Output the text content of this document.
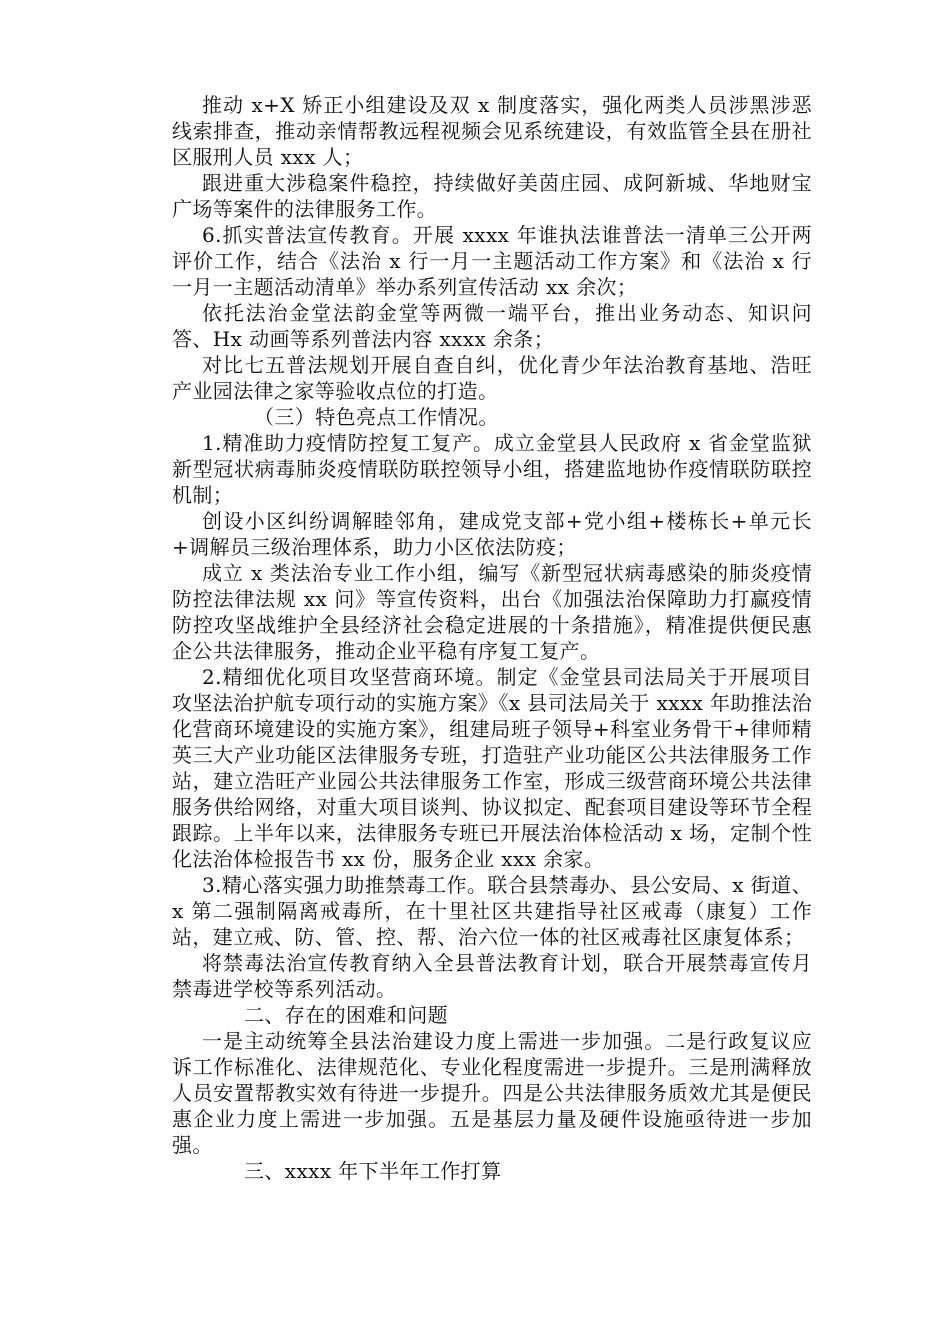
推动 x+X 矫正小组建设及双 x 制度落实，强化两类人员涉黑涉恶线索排查，推动亲情帮教远程视频会见系统建设，有效监管全县在册社区服刑人员 xxx 人；

跟进重大涉稳案件稳控，持续做好美茵庄园、成阿新城、华地财宝广场等案件的法律服务工作。

6.抓实普法宣传教育。开展 xxxx 年谁执法谁普法一清单三公开两评价工作，结合《法治 x 行一月一主题活动工作方案》和《法治 x 行一月一主题活动清单》举办系列宣传活动 xx 余次；

依托法治金堂法韵金堂等两微一端平台，推出业务动态、知识问答、Hx 动画等系列普法内容 xxxx 余条；

对比七五普法规划开展自查自纠，优化青少年法治教育基地、浩旺产业园法律之家等验收点位的打造。

（三）特色亮点工作情况。

1.精准助力疫情防控复工复产。成立金堂县人民政府 x 省金堂监狱新型冠状病毒肺炎疫情联防联控领导小组，搭建监地协作疫情联防联控机制；

创设小区纠纷调解睦邻角，建成党支部+党小组+楼栋长+单元长+调解员三级治理体系，助力小区依法防疫；

成立 x 类法治专业工作小组，编写《新型冠状病毒感染的肺炎疫情防控法律法规 xx 问》等宣传资料，出台《加强法治保障助力打赢疫情防控攻坚战维护全县经济社会稳定进展的十条措施》，精准提供便民惠企公共法律服务，推动企业平稳有序复工复产。

2.精细优化项目攻坚营商环境。制定《金堂县司法局关于开展项目攻坚法治护航专项行动的实施方案》《x 县司法局关于 xxxx 年助推法治化营商环境建设的实施方案》，组建局班子领导+科室业务骨干+律师精英三大产业功能区法律服务专班，打造驻产业功能区公共法律服务工作站，建立浩旺产业园公共法律服务工作室，形成三级营商环境公共法律服务供给网络，对重大项目谈判、协议拟定、配套项目建设等环节全程跟踪。上半年以来，法律服务专班已开展法治体检活动 x 场，定制个性化法治体检报告书 xx 份，服务企业 xxx 余家。

3.精心落实强力助推禁毒工作。联合县禁毒办、县公安局、x 街道、x 第二强制隔离戒毒所，在十里社区共建指导社区戒毒（康复）工作站，建立戒、防、管、控、帮、治六位一体的社区戒毒社区康复体系；

将禁毒法治宣传教育纳入全县普法教育计划，联合开展禁毒宣传月禁毒进学校等系列活动。

二、存在的困难和问题

一是主动统筹全县法治建设力度上需进一步加强。二是行政复议应诉工作标准化、法律规范化、专业化程度需进一步提升。三是刑满释放人员安置帮教实效有待进一步提升。四是公共法律服务质效尤其是便民惠企业力度上需进一步加强。五是基层力量及硬件设施亟待进一步加强。

三、xxxx 年下半年工作打算
